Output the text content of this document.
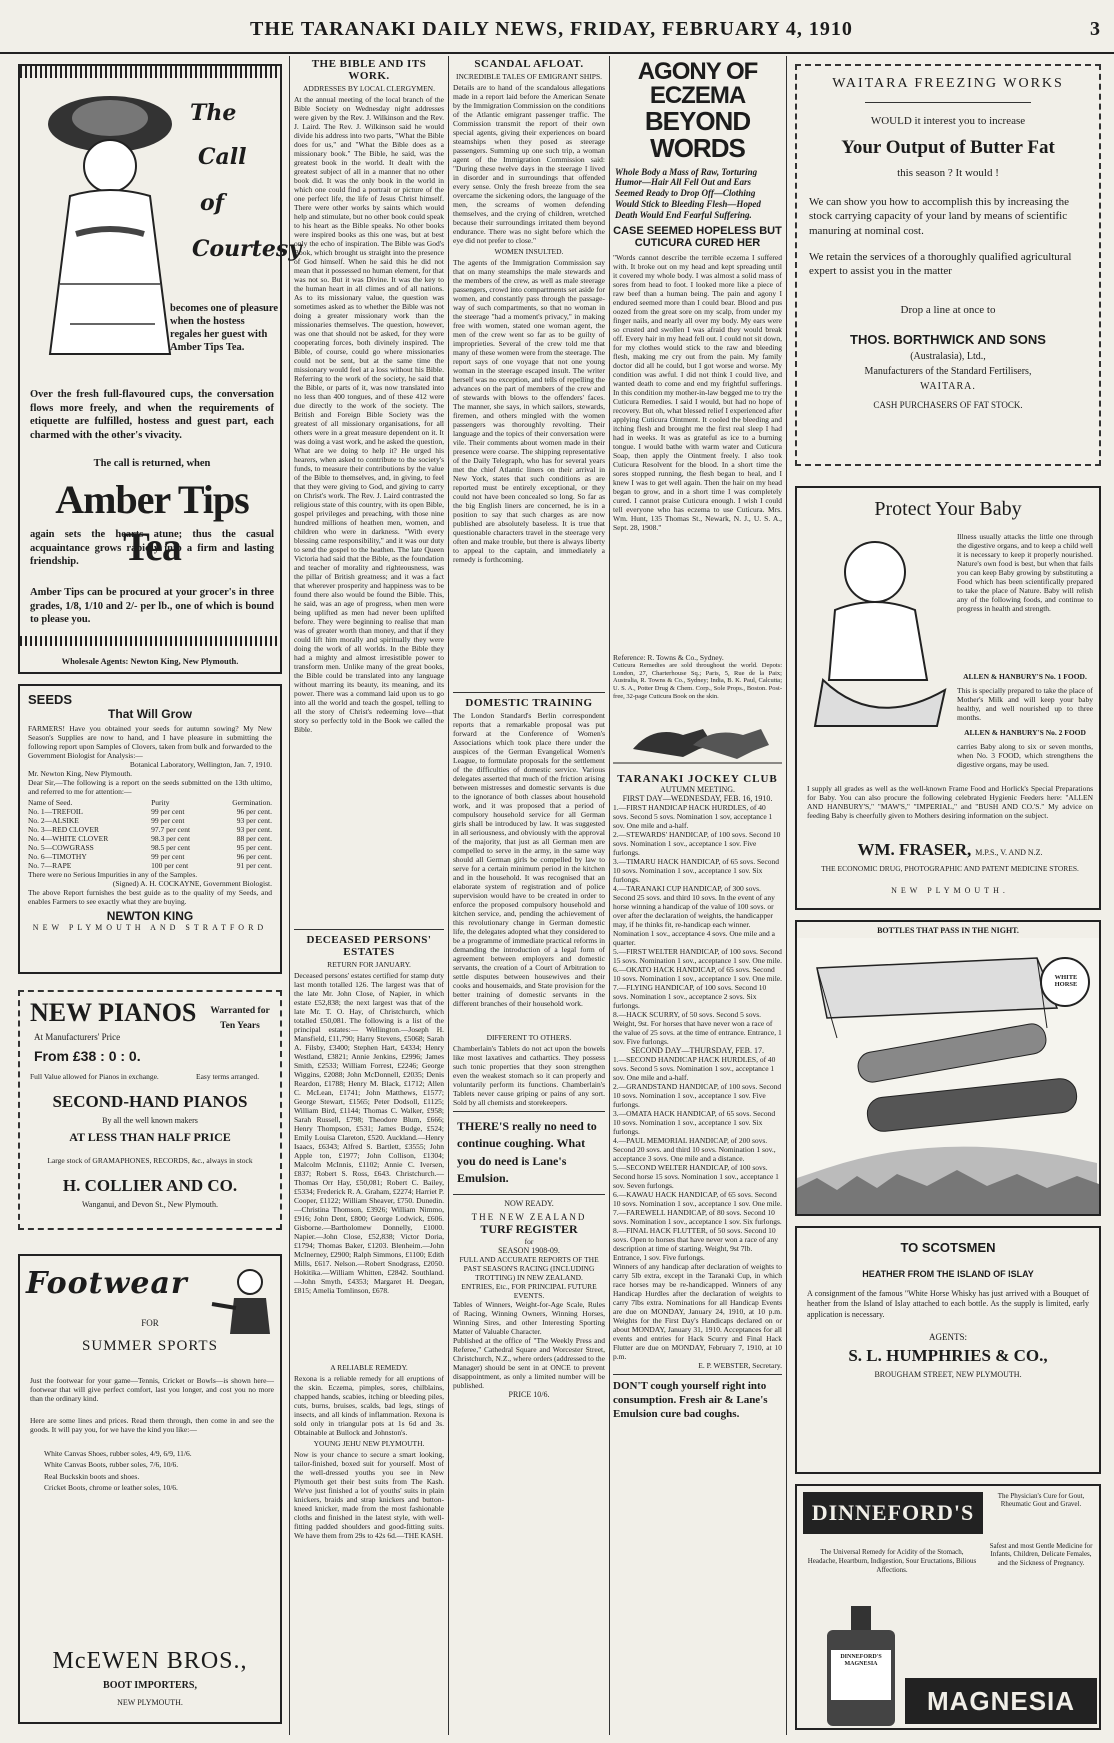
THE TARANAKI DAILY NEWS, FRIDAY, FEBRUARY 4, 1910	3
The
Call
of
Courtesy
becomes one of pleasure when the hostess regales her guest with Amber Tips Tea.
Over the fresh full-flavoured cups, the conversation flows more freely, and when the requirements of etiquette are fulfilled, hostess and guest part, each charmed with the other's vivacity.
The call is returned, when
Amber Tips Tea
again sets the hearts atune; thus the casual acquaintance grows rapidly into a firm and lasting friendship.
Amber Tips can be procured at your grocer's in three grades, 1/8, 1/10 and 2/- per lb., one of which is bound to please you.
Wholesale Agents: Newton King, New Plymouth.
SEEDS
That Will Grow
FARMERS! Have you obtained your seeds for autumn sowing? My New Season's Supplies are now to hand, and I have pleasure in submitting the following report upon Samples of Clovers, taken from bulk and forwarded to the Government Biologist for Analysis:—
Botanical Laboratory, Wellington, Jan. 7, 1910.
Mr. Newton King, New Plymouth.
Dear Sir,—The following is a report on the seeds submitted on the 13th ultimo, and referred to me for attention:—
Name of Seed.	Purity	Germination.
No. 1—TREFOIL	99 per cent	96 per cent.
No. 2—ALSIKE	99 per cent	93 per cent.
No. 3—RED CLOVER	97.7 per cent	93 per cent.
No. 4—WHITE CLOVER	98.3 per cent	88 per cent.
No. 5—COWGRASS	98.5 per cent	95 per cent.
No. 6—TIMOTHY	99 per cent	96 per cent.
No. 7—RAPE	100 per cent	91 per cent.
There were no Serious Impurities in any of the Samples.
(Signed) A. H. COCKAYNE, Government Biologist.
The above Report furnishes the best guide as to the quality of my Seeds, and enables Farmers to see exactly what they are buying.
NEWTON KING
NEW PLYMOUTH AND STRATFORD
NEW PIANOS	Warranted for Ten Years
At Manufacturers' Price
From £38 : 0 : 0.
Full Value allowed for Pianos in exchange.	Easy terms arranged.
SECOND-HAND PIANOS
By all the well known makers
AT LESS THAN HALF PRICE
Large stock of GRAMAPHONES, RECORDS, &c., always in stock
H. COLLIER AND CO.
Wanganui, and Devon St., New Plymouth.
Footwear
FOR
SUMMER SPORTS
Just the footwear for your game—Tennis, Cricket or Bowls—is shown here—footwear that will give perfect comfort, last you longer, and cost you no more than the ordinary kind.
Here are some lines and prices. Read them through, then come in and see the goods. It will pay you, for we have the kind you like:—
White Canvas Shoes, rubber soles, 4/9, 6/9, 11/6.
White Canvas Boots, rubber soles, 7/6, 10/6.
Real Buckskin boots and shoes.
Cricket Boots, chrome or leather soles, 10/6.
McEWEN BROS.,
BOOT IMPORTERS,
NEW PLYMOUTH.
THE BIBLE AND ITS WORK.
ADDRESSES BY LOCAL CLERGYMEN.
At the annual meeting of the local branch of the Bible Society on Wednesday night addresses were given by the Rev. J. Wilkinson and the Rev. J. Laird. The Rev. J. Wilkinson said he would divide his address into two parts, "What the Bible does for us," and "What the Bible does as a missionary book." The Bible, he said, was the greatest book in the world. It dealt with the greatest subject of all in a manner that no other book did. It was the only book in the world in which one could find a portrait or picture of the one perfect life, the life of Jesus Christ himself. There were other works by saints which would help and stimulate, but no other book could speak to his heart as the Bible speaks. No other books were inspired books as this one was, but at best only the echo of inspiration. The Bible was God's Book, which brought us straight into the presence of God himself. When he said this he did not mean that it possessed no human element, for that was not so. But it was Divine. It was the key to the human heart in all climes and of all nations. As to its missionary value, the question was sometimes asked as to whether the Bible was not doing a greater missionary work than the missionaries themselves. The question, however, was one that should not be asked, for they were cooperating forces, both divinely inspired. The Bible, of course, could go where missionaries could not be sent, but at the same time the missionary would feel at a loss without his Bible. Referring to the work of the society, he said that the Bible, or parts of it, was now translated into no less than 400 tongues, and of these 412 were due directly to the work of the society. The British and Foreign Bible Society was the greatest of all missionary organisations, for all others were in a great measure dependent on it. It was doing a vast work, and he asked the question, What are we doing to help it? He urged his hearers, when asked to contribute to the society's funds, to measure their contributions by the value of the Bible to themselves, and, in giving, to feel that they were giving to God, and giving to carry on Christ's work. The Rev. J. Laird contrasted the religious state of this country, with its open Bible, gospel privileges and preaching, with those nine hundred millions of heathen men, women, and children who were in darkness. "With every blessing came responsibility," and it was our duty to send the gospel to the heathen. The late Queen Victoria had said that the Bible, as the foundation and teacher of morality and righteousness, was the pillar of British greatness; and it was a fact that wherever prosperity and happiness was to be found there also would be found the Bible. This, he said, was an age of progress, when men were being uplifted as men had never been uplifted before. They were beginning to realise that man was of greater worth than money, and that if they could lift him morally and spiritually they were doing the work of all worlds. In the Bible they had a mighty and almost irresistible power to transform men. Unlike many of the great books, the Bible could be translated into any language without marring its beauty, its meaning, and its power. There was a command laid upon us to go into all the world and teach the gospel, telling to all the story of Christ's redeeming love—that story so perfectly told in the Book we called the Bible.
DECEASED PERSONS' ESTATES
RETURN FOR JANUARY.
Deceased persons' estates certified for stamp duty last month totalled 126. The largest was that of the late Mr. John Close, of Napier, in which estate £52,838; the next largest was that of the late Mr. T. O. Hay, of Christchurch, which totalled £50,081. The following is a list of the principal estates:— Wellington.—Joseph H. Mansfield, £11,790; Harry Stevens, £5068; Sarah A. Filsby, £3400; Stephen Hart, £4334; Henry Westland, £3821; Annie Jenkins, £2996; James Smith, £2533; William Forrest, £2246; George Wiggins, £2088; John McDonnell, £2035; Denis Reardon, £1788; Henry M. Black, £1712; Allen C. McLean, £1741; John Matthews, £1577; George Stewart, £1565; Peter Dodsoll, £1125; William Bird, £1144; Thomas C. Walker, £958; Sarah Russell, £798; Theodore Blum, £666; Henry Thompson, £531; James Budge, £524; Emily Louisa Clareton, £520. Auckland.—Henry Isaacs, £6343; Alfred S. Bartlett, £3555; John Apple ton, £1977; John Collison, £1304; Malcolm McInnis, £1102; Annie C. Iversen, £837; Robert S. Ross, £643. Christchurch.—Thomas Orr Hay, £50,081; Robert C. Bailey, £5334; Frederick R. A. Graham, £2274; Harriet P. Cooper, £1122; William Sheaver, £750. Dunedin.—Christina Thomson, £3926; William Nimmo, £916; John Dent, £800; George Lodwick, £606. Gisborne.—Bartholomew Donnelly, £1000. Napier.—John Close, £52,838; Victor Doria, £1794; Thomas Baker, £1203. Blenheim.—John McInerney, £2900; Ralph Simmons, £1100; Edith Mills, £617. Nelson.—Robert Snodgrass, £2050. Hokitika.—William Whitten, £2842. Southland.—John Smyth, £4353; Margaret H. Deegan, £815; Amelia Tomlinson, £678.
A RELIABLE REMEDY.
Rexona is a reliable remedy for all eruptions of the skin. Eczema, pimples, sores, chilblains, chapped hands, scabies, itching or bleeding piles, cuts, burns, bruises, scalds, bad legs, stings of insects, and all kinds of inflammation. Rexona is sold only in triangular pots at 1s 6d and 3s. Obtainable at Bullock and Johnston's.
YOUNG JEHU NEW PLYMOUTH.
Now is your chance to secure a smart looking, tailor-finished, boxed suit for yourself. Most of the well-dressed youths you see in New Plymouth get their best suits from The Kash. We've just finished a lot of youths' suits in plain knickers, braids and strap knickers and button-kneed knicker, made from the most fashionable cloths and finished in the latest style, with well-fitting padded shoulders and good-fitting suits. We have them from 29s to 42s 6d.—THE KASH.
SCANDAL AFLOAT.
INCREDIBLE TALES OF EMIGRANT SHIPS.
Details are to hand of the scandalous allegations made in a report laid before the American Senate by the Immigration Commission on the conditions of the Atlantic emigrant passenger traffic. The Commission transmit the report of their own special agents, giving their experiences on board steamships when they posed as steerage passengers. Summing up one such trip, a woman agent of the Immigration Commission said: "During these twelve days in the steerage I lived in disorder and in surroundings that offended every sense. Only the fresh breeze from the sea overcame the sickening odors, the language of the men, the screams of women defending themselves, and the crying of children, wretched because their surroundings irritated them beyond endurance. There was no sight before which the eye did not prefer to close."
WOMEN INSULTED.
The agents of the Immigration Commission say that on many steamships the male stewards and the members of the crew, as well as male steerage passengers, crowd into compartments set aside for women, and constantly pass through the passage-way of such compartments, so that no woman in the steerage "had a moment's privacy," in making free with women, stated one woman agent, the men of the crew went so far as to be guilty of improprieties. Several of the crew told me that many of these women were from the steerage. The report says of one voyage that not one young woman in the steerage escaped insult. The writer herself was no exception, and tells of repelling the advances on the part of members of the crew and of stewards with blows to the offenders' faces. The manner, she says, in which sailors, stewards, firemen, and others mingled with the women passengers was thoroughly revolting. Their language and the topics of their conversation were vile. Their comments about women made in their presence were coarse. The shipping representative of the Daily Telegraph, who has for several years met the chief Atlantic liners on their arrival in New York, states that such conditions as are reported must be entirely exceptional, or they could not have been concealed so long. So far as the big English liners are concerned, he is in a position to say that such charges as are now published are absolutely baseless. It is true that questionable characters travel in the steerage very often and make trouble, but there is always liberty to appeal to the captain, and immediately a remedy is forthcoming.
DOMESTIC TRAINING
The London Standard's Berlin correspondent reports that a remarkable proposal was put forward at the Conference of Women's Associations which took place there under the auspices of the German Evangelical Women's League, to formulate proposals for the settlement of the difficulties of domestic service. Various delegates asserted that much of the friction arising between mistresses and domestic servants is due to the ignorance of both classes about household work, and it was proposed that a period of compulsory household service for all German girls shall be introduced by law. It was suggested in all seriousness, and obviously with the approval of the majority, that just as all German men are compelled to serve in the army, in the same way should all German girls be compelled by law to serve for a certain minimum period in the kitchen and in the household. It was recognised that an elaborate system of registration and of police supervision would have to be created in order to enforce the proposed compulsory household and kitchen service, and, pending the achievement of this revolutionary change in German domestic life, the delegates adopted what they considered to be a programme of immediate practical reforms in demanding the introduction of a legal form of agreement between employers and domestic servants, the creation of a Court of Arbitration to settle disputes between housewives and their cooks and housemaids, and State provision for the better training of domestic servants in the different branches of their household work.
DIFFERENT TO OTHERS.
Chamberlain's Tablets do not act upon the bowels like most laxatives and cathartics. They possess such tonic properties that they soon strengthen even the weakest stomach so it can properly and voluntarily perform its functions. Chamberlain's Tablets never cause griping or pains of any sort. Sold by all chemists and storekeepers.
THERE'S really no need to continue coughing. What you do need is Lane's Emulsion.
NOW READY.
THE NEW ZEALAND
TURF REGISTER
for
SEASON 1908-09.
FULL AND ACCURATE REPORTS OF THE PAST SEASON'S RACING (INCLUDING TROTTING) IN NEW ZEALAND.
ENTRIES, Etc., FOR PRINCIPAL FUTURE EVENTS.
Tables of Winners, Weight-for-Age Scale, Rules of Racing, Winning Owners, Winning Horses, Winning Sires, and other Interesting Sporting Matter of Valuable Character.
Published at the office of "The Weekly Press and Referee," Cathedral Square and Worcester Street, Christchurch, N.Z., where orders (addressed to the Manager) should be sent in at ONCE to prevent disappointment, as only a limited number will be published.
PRICE 10/6.
AGONY OF ECZEMA
BEYOND WORDS
Whole Body a Mass of Raw, Torturing Humor—Hair All Fell Out and Ears Seemed Ready to Drop Off—Clothing Would Stick to Bleeding Flesh—Hoped Death Would End Fearful Suffering.
CASE SEEMED HOPELESS BUT CUTICURA CURED HER
"Words cannot describe the terrible eczema I suffered with. It broke out on my head and kept spreading until it covered my whole body. I was almost a solid mass of sores from head to foot. I looked more like a piece of raw beef than a human being. The pain and agony I endured seemed more than I could bear. Blood and pus oozed from the great sore on my scalp, from under my finger nails, and nearly all over my body. My ears were so crusted and swollen I was afraid they would break off. Every hair in my head fell out. I could not sit down, for my clothes would stick to the raw and bleeding flesh, making me cry out from the pain. My family doctor did all he could, but I got worse and worse. My condition was awful. I did not think I could live, and wanted death to come and end my frightful sufferings. In this condition my mother-in-law begged me to try the Cuticura Remedies. I said I would, but had no hope of recovery. But oh, what blessed relief I experienced after applying Cuticura Ointment. It cooled the bleeding and itching flesh and brought me the first real sleep I had had in weeks. It was as grateful as ice to a burning tongue. I would bathe with warm water and Cuticura Soap, then apply the Ointment freely. I also took Cuticura Resolvent for the blood. In a short time the sores stopped running, the flesh began to heal, and I knew I was to get well again. Then the hair on my head began to grow, and in a short time I was completely cured. I cannot praise Cuticura enough. I wish I could tell everyone who has eczema to use Cuticura. Mrs. Wm. Hunt, 135 Thomas St., Newark, N. J., U. S. A., Sept. 28, 1908."
Reference: R. Towns & Co., Sydney.
Cuticura Remedies are sold throughout the world. Depots: London, 27, Charterhouse Sq.; Paris, 5, Rue de la Paix; Australia, R. Towns & Co., Sydney; India, B. K. Paul, Calcutta; U. S. A., Potter Drug & Chem. Corp., Sole Props., Boston. Post-free, 32-page Cuticura Book on the skin.
TARANAKI JOCKEY CLUB
AUTUMN MEETING.
FIRST DAY—WEDNESDAY, FEB. 16, 1910.
1.—FIRST HANDICAP HACK HURDLES, of 40 sovs. Second 5 sovs. Nomination 1 sov, acceptance 1 sov. One mile and a-half.
2.—STEWARDS' HANDICAP, of 100 sovs. Second 10 sovs. Nomination 1 sov., acceptance 1 sov. Five furlongs.
3.—TIMARU HACK HANDICAP, of 65 sovs. Second 10 sovs. Nomination 1 sov., acceptance 1 sov. Six furlongs.
4.—TARANAKI CUP HANDICAP, of 300 sovs. Second 25 sovs. and third 10 sovs. In the event of any horse winning a handicap of the value of 100 sovs. or over after the declaration of weights, the handicapper may, if he thinks fit, re-handicap each winner. Nomination 1 sov., acceptance 4 sovs. One mile and a quarter.
5.—FIRST WELTER HANDICAP, of 100 sovs. Second 15 sovs. Nomination 1 sov., acceptance 1 sov. One mile.
6.—OKATO HACK HANDICAP, of 65 sovs. Second 10 sovs. Nomination 1 sov., acceptance 1 sov. One mile.
7.—FLYING HANDICAP, of 100 sovs. Second 10 sovs. Nomination 1 sov., acceptance 2 sovs. Six furlongs.
8.—HACK SCURRY, of 50 sovs. Second 5 sovs. Weight, 9st. For horses that have never won a race of the value of 25 sovs. at the time of entrance. Entrance, 1 sov. Five furlongs.
SECOND DAY—THURSDAY, FEB. 17.
1.—SECOND HANDICAP HACK HURDLES, of 40 sovs. Second 5 sovs. Nomination 1 sov., acceptance 1 sov. One mile and a-half.
2.—GRANDSTAND HANDICAP, of 100 sovs. Second 10 sovs. Nomination 1 sov., acceptance 1 sov. Five furlongs.
3.—OMATA HACK HANDICAP, of 65 sovs. Second 10 sovs. Nomination 1 sov., acceptance 1 sov. Six furlongs.
4.—PAUL MEMORIAL HANDICAP, of 200 sovs. Second 20 sovs. and third 10 sovs. Nomination 1 sov., acceptance 3 sovs. One mile and a distance.
5.—SECOND WELTER HANDICAP, of 100 sovs. Second horse 15 sovs. Nomination 1 sov., acceptance 1 sov. Seven furlongs.
6.—KAWAU HACK HANDICAP, of 65 sovs. Second 10 sovs. Nomination 1 sov., acceptance 1 sov. One mile.
7.—FAREWELL HANDICAP, of 80 sovs. Second 10 sovs. Nomination 1 sov., acceptance 1 sov. Six furlongs.
8.—FINAL HACK FLUTTER, of 50 sovs. Second 10 sovs. Open to horses that have never won a race of any description at time of starting. Weight, 9st 7lb. Entrance, 1 sov. Five furlongs.
Winners of any handicap after declaration of weights to carry 5lb extra, except in the Taranaki Cup, in which race horses may be re-handicapped. Winners of any Handicap Hurdles after the declaration of weights to carry 7lbs extra. Nominations for all Handicap Events are due on MONDAY, January 24, 1910, at 10 p.m. Weights for the First Day's Handicaps declared on or about MONDAY, January 31, 1910. Acceptances for all events and entries for Hack Scurry and Final Hack Flutter are due on MONDAY, February 7, 1910, at 10 p.m.
E. P. WEBSTER, Secretary.
DON'T cough yourself right into consumption. Fresh air & Lane's Emulsion cure bad coughs.
WAITARA FREEZING WORKS
WOULD it interest you to increase
Your Output of Butter Fat
this season ? It would !
We can show you how to accomplish this by increasing the stock carrying capacity of your land by means of scientific manuring at nominal cost.
We retain the services of a thoroughly qualified agricultural expert to assist you in the matter
Drop a line at once to
THOS. BORTHWICK AND SONS
(Australasia), Ltd.,
Manufacturers of the Standard Fertilisers,
WAITARA.
CASH PURCHASERS OF FAT STOCK.
Protect Your Baby
Illness usually attacks the little one through the digestive organs, and to keep a child well it is necessary to keep it properly nourished. Nature's own food is best, but when that fails you can keep Baby growing by substituting a Food which has been scientifically prepared to take the place of Nature. Baby will relish any of the following foods, and continue to progress in health and strength.
ALLEN & HANBURY'S No. 1 FOOD.
This is specially prepared to take the place of Mother's Milk and will keep your baby healthy, and well nourished up to three months.
ALLEN & HANBURY'S No. 2 FOOD
carries Baby along to six or seven months, when No. 3 FOOD, which strengthens the digestive organs, may be used.
I supply all grades as well as the well-known Frame Food and Horlick's Special Preparations for Baby. You can also procure the following celebrated Hygienic Feeders here: "ALLEN AND HANBURY'S," "MAW'S," "IMPERIAL," and "BUSH AND CO.'S." My advice on feeding Baby is cheerfully given to Mothers desiring information on the subject.
WM. FRASER, M.P.S., V. AND N.Z.
THE ECONOMIC DRUG, PHOTOGRAPHIC AND PATENT MEDICINE STORES.
NEW PLYMOUTH.
BOTTLES THAT PASS IN THE NIGHT.
WHITE HORSE
TO SCOTSMEN
HEATHER FROM THE ISLAND OF ISLAY
A consignment of the famous "White Horse Whisky has just arrived with a Bouquet of heather from the Island of Islay attached to each bottle. As the supply is limited, early application is necessary.
AGENTS:
S. L. HUMPHRIES & CO.,
BROUGHAM STREET, NEW PLYMOUTH.
DINNEFORD'S
The Physician's Cure for Gout, Rheumatic Gout and Gravel.
Safest and most Gentle Medicine for Infants, Children, Delicate Females, and the Sickness of Pregnancy.
The Universal Remedy for Acidity of the Stomach, Headache, Heartburn, Indigestion, Sour Eructations, Bilious Affections.
DINNEFORD'S MAGNESIA
MAGNESIA
